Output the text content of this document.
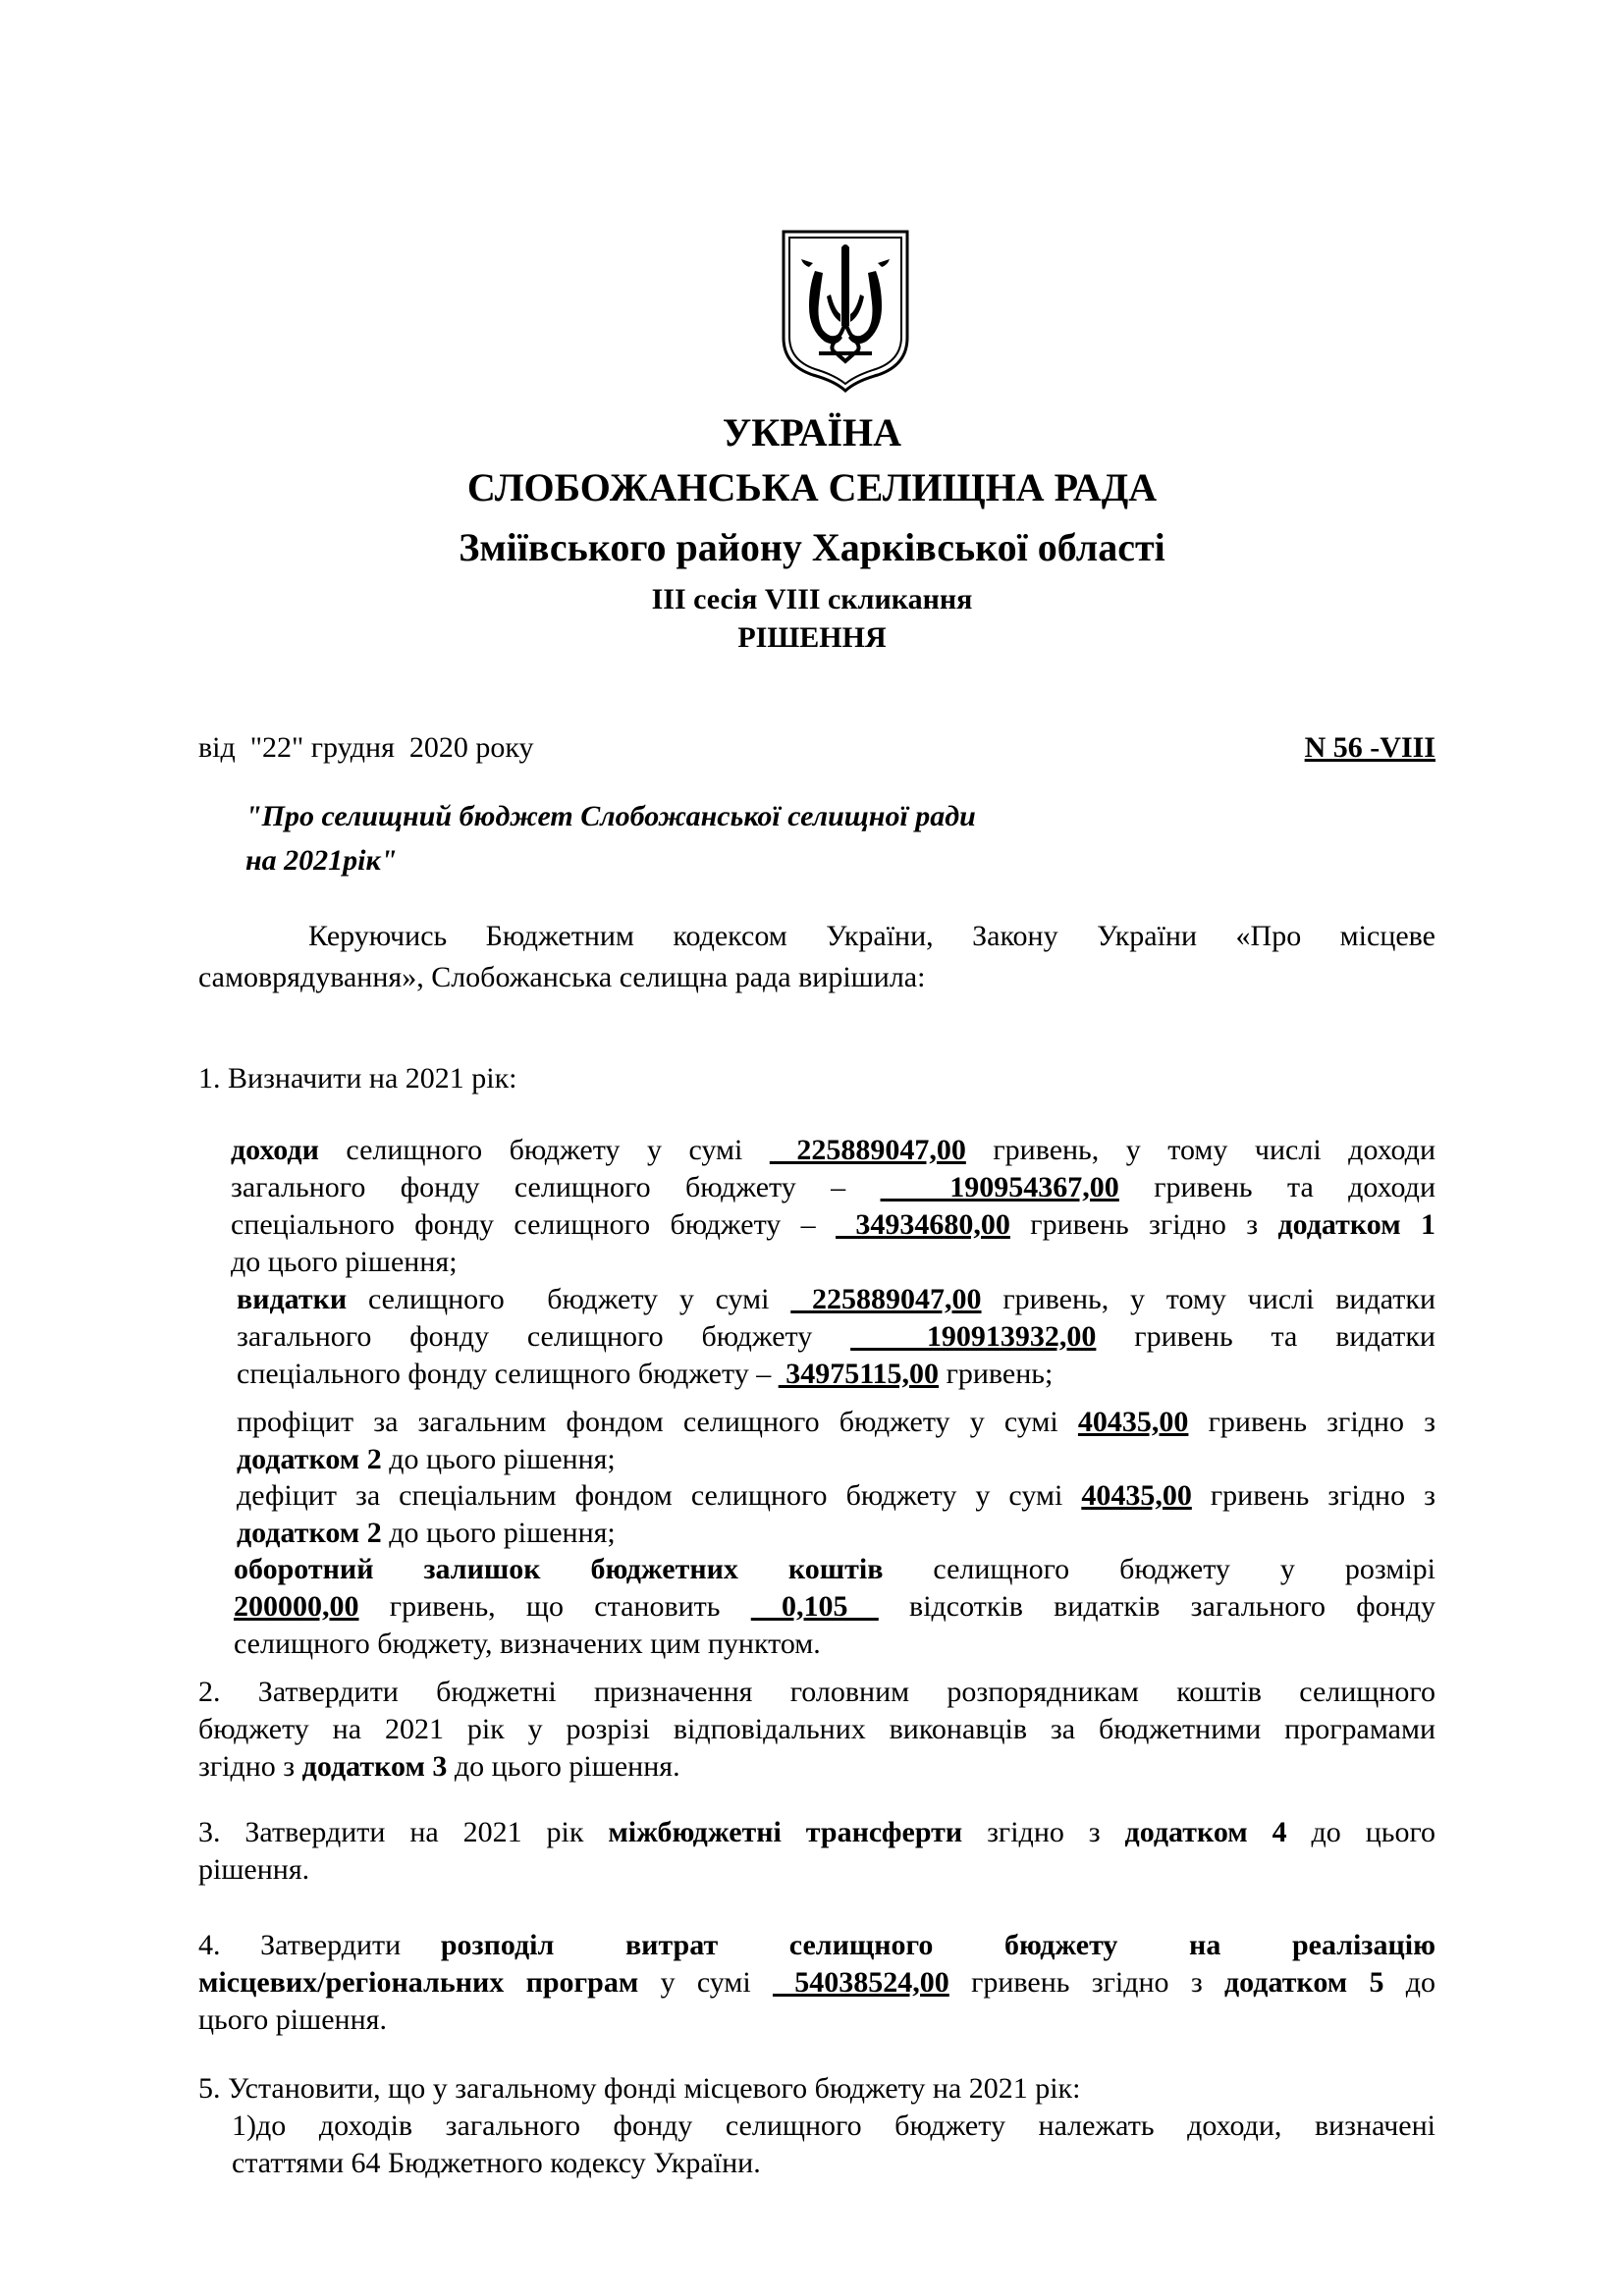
УКРАЇНА
СЛОБОЖАНСЬКА СЕЛИЩНА РАДА
Зміївського району Харківської області
ІІІ сесія VIII скликання
РІШЕННЯ
від  "22" грудня  2020 року	N 56 -VIII
"Про селищний бюджет Слобожанської селищної ради
на 2021рік"
Керуючись Бюджетним кодексом України, Закону України «Про місцеве
самоврядування», Слобожанська селищна рада вирішила:
1. Визначити на 2021 рік:
доходи селищного бюджету у сумі  225889047,00 гривень, у тому числі доходи
загального фонду селищного бюджету –   190954367,00 гривень та доходи
спеціального фонду селищного бюджету –  34934680,00 гривень згідно з додатком 1
до цього рішення;
видатки селищного  бюджету у сумі  225889047,00 гривень, у тому числі видатки
загального фонду селищного бюджету   190913932,00 гривень та видатки
спеціального фонду селищного бюджету –  34975115,00 гривень;
профіцит за загальним фондом селищного бюджету у сумі 40435,00 гривень згідно з
додатком 2 до цього рішення;
дефіцит за спеціальним фондом селищного бюджету у сумі 40435,00 гривень згідно з
додатком 2 до цього рішення;
оборотний залишок бюджетних коштів селищного бюджету у розмірі
200000,00 гривень, що становить  0,105  відсотків видатків загального фонду
селищного бюджету, визначених цим пунктом.
2. Затвердити бюджетні призначення головним розпорядникам коштів селищного
бюджету на 2021 рік у розрізі відповідальних виконавців за бюджетними програмами
згідно з додатком 3 до цього рішення.
3. Затвердити на 2021 рік міжбюджетні трансферти згідно з додатком 4 до цього
рішення.
4. Затвердити розподіл витрат селищного бюджету на реалізацію
місцевих/регіональних програм у сумі  54038524,00 гривень згідно з додатком 5 до
цього рішення.
5. Установити, що у загальному фонді місцевого бюджету на 2021 рік:
1)до доходів загального фонду селищного бюджету належать доходи, визначені
статтями 64 Бюджетного кодексу України.
